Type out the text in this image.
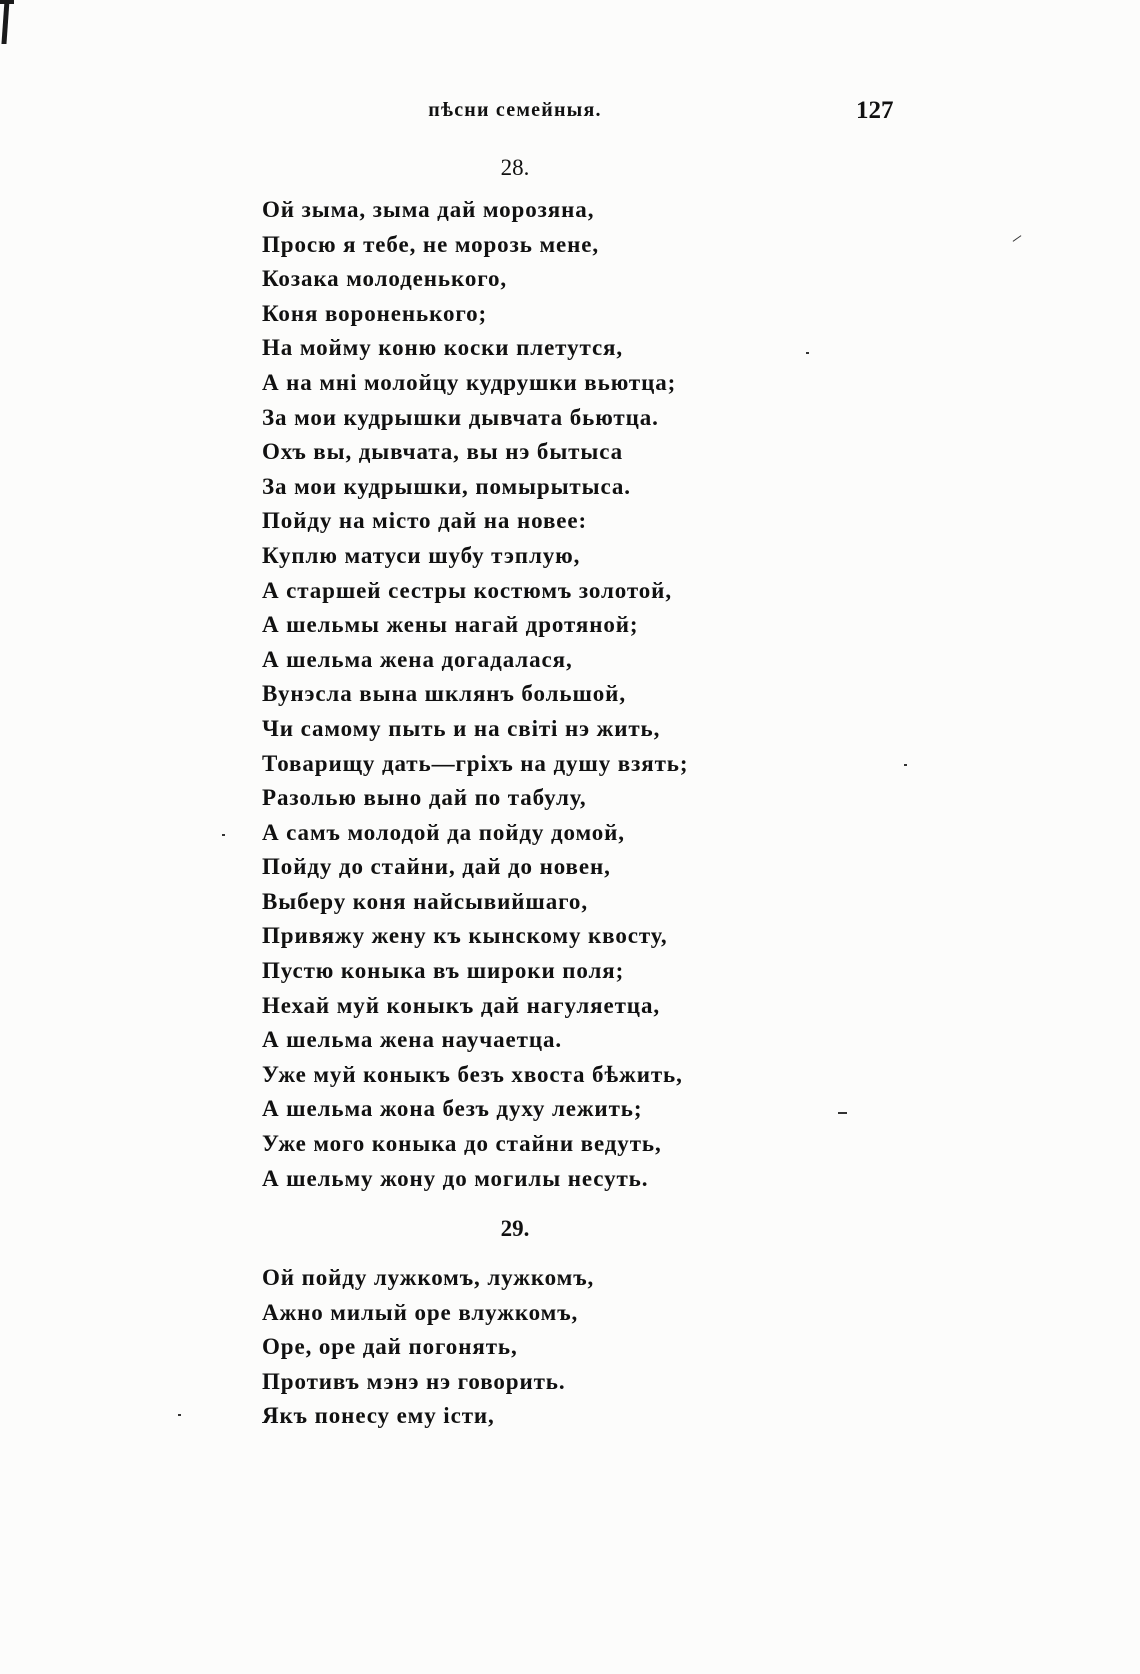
пѣсни семейныя.	127
28.
Ой зыма, зыма дай морозяна,
Просю я тебе, не морозь мене,
Козака молоденького,
Коня вороненького;
На мойму коню коски плетутся,
А на мні молойцу кудрушки вьютца;
За мои кудрышки дывчата бьютца.
Охъ вы, дывчата, вы нэ бытыса
За мои кудрышки, помырытыса.
Пойду на місто дай на новее:
Куплю матуси шубу тэплую,
А старшей сестры костюмъ золотой,
А шельмы жены нагай дротяной;
А шельма жена догадалася,
Вунэсла вына шклянъ большой,
Чи самому пыть и на світі нэ жить,
Товарищу дать—гріхъ на душу взять;
Разолью выно дай по табулу,
А самъ молодой да пойду домой,
Пойду до стайни, дай до новен,
Выберу коня найсывийшаго,
Привяжу жену къ кынскому квосту,
Пустю коныка въ широки поля;
Нехай муй коныкъ дай нагуляетца,
А шельма жена научаетца.
Уже муй коныкъ безъ хвоста бѣжить,
А шельма жона безъ духу лежить;
Уже мого коныка до стайни ведуть,
А шельму жону до могилы несуть.
29.
Ой пойду лужкомъ, лужкомъ,
Ажно милый оре влужкомъ,
Оре, оре дай погонять,
Противъ мэнэ нэ говорить.
Якъ понесу ему істи,
